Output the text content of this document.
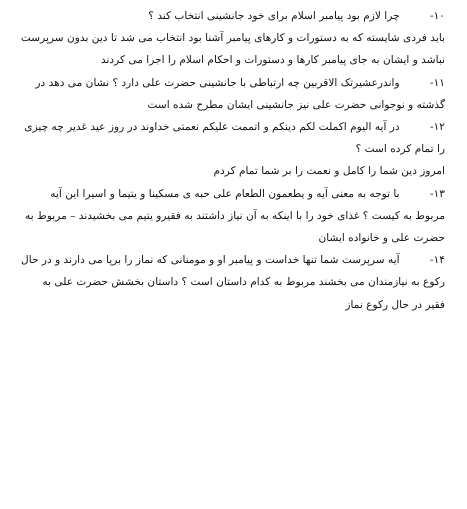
۱۰- چرا لازم بود پیامبر اسلام برای خود جانشینی انتخاب کند ؟

باید فردی شایسته که به دستورات و کارهای پیامبر آشنا بود انتخاب می شد تا دین بدون سرپرست نباشد و ایشان به جای پیامبر کارها و دستورات و احکام اسلام را اجرا می کردند

۱۱- واندرعشیرتک الاقربین چه ارتباطی با جانشینی حضرت علی دارد ؟ نشان می دهد در گذشته و نوجوانی حضرت علی نیز جانشینی ایشان مطرح شده است

۱۲- در آیه الیوم اکملت لکم دینکم و اتممت علیکم نعمتی خداوند در روز عید غدیر چه چیزی را تمام کرده است ؟

امروز دین شما را کامل و نعمت را بر شما تمام کردم

۱۳- با توجه به معنی آیه و یطعمون الطعام علی حبه ی مسکینا و یتیما و اسیرا این آیه مربوط به کیست ؟ غذای خود را با اینکه به آن نیاز داشتند به فقیرو یتیم می بخشیدند – مربوط به حضرت علی و خانواده ایشان

۱۴- آیه سرپرست شما تنها خداست و پیامبر او و مومنانی که نماز را برپا می دارند و در حال رکوع به نیازمندان می بخشند مربوط به کدام داستان است ؟ داستان بخشش حضرت علی به فقیر در حال رکوع نماز
